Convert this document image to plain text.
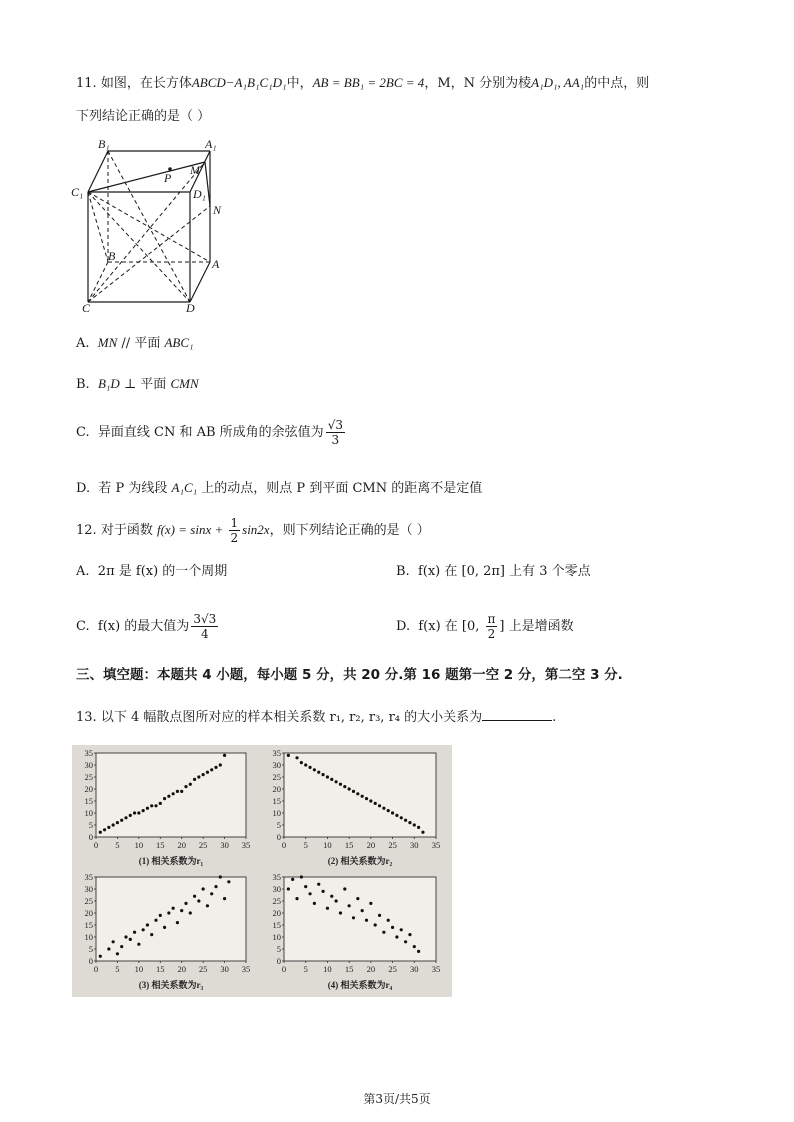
11. 如图，在长方体ABCD−A₁B₁C₁D₁中，AB = BB₁ = 2BC = 4，M，N 分别为棱A₁D₁, AA₁的中点，则
下列结论正确的是（ ）
B₁	A₁
C₁	D₁
P
M
N
B
A
C	D
A. MN // 平面 ABC₁
B. B₁D ⊥ 平面 CMN
C. 异面直线 CN 和 AB 所成角的余弦值为 $\frac{√3}{3}$
D. 若 P 为线段 A₁C₁ 上的动点，则点 P 到平面 CMN 的距离不是定值
12. 对于函数 $f(x) = \sin x + \frac{1}{2} \sin 2x$，则下列结论正确的是（ ）
A. 2π 是 f(x) 的一个周期	B. f(x) 在 [0, 2π] 上有 3 个零点
C. f(x) 的最大值为 $\frac{3√3}{4}$	D. f(x) 在 [0, $\frac{\pi}{2}$ ] 上是增函数
三、填空题：本题共 4 小题，每小题 5 分，共 20 分.第 16 题第一空 2 分，第二空 3 分.
13. 以下 4 幅散点图所对应的样本相关系数 r₁, r₂, r₃, r₄ 的大小关系为	.
0
5
10
15
20
25
30
35
0 5 10 15 20 25 30 35
(1) 相关系数为r₁
0
5
10
15
20
25
30
35
0 5 10 15 20 25 30 35
(2) 相关系数为r₂
0
5
10
15
20
25
30
35
0 5 10 15 20 25 30 35
(3) 相关系数为r₃
0
5
10
15
20
25
30
35
0 5 10 15 20 25 30 35
(4) 相关系数为r₄
第3页/共5页
